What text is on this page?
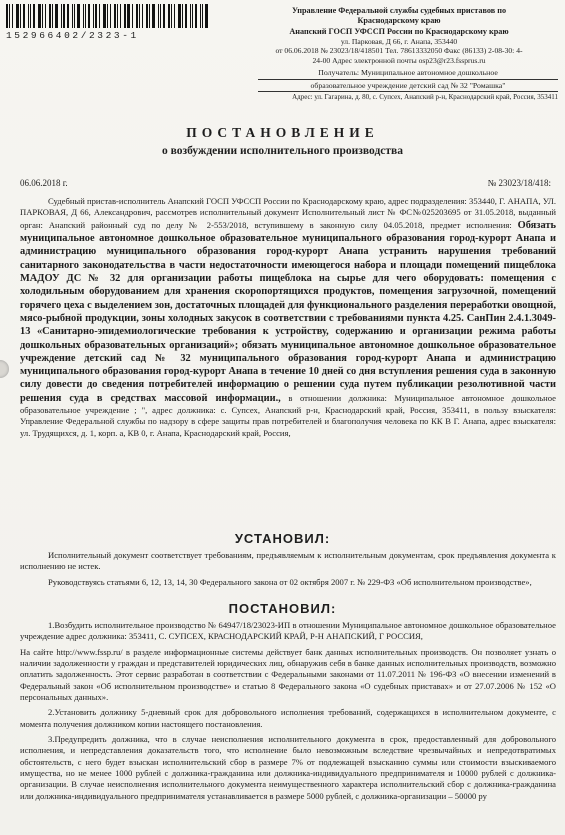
152966402/2323-1
Управление Федеральной службы судебных приставов по
Краснодарскому краю
Анапский ГОСП УФССП России по Краснодарскому краю
ул. Парковая, Д 66, г. Анапа, 353440
от 06.06.2018 № 23023/18/418501 Тел. 78613332050 Факс (86133) 2-08-30: 4-
24-00 Адрес электронной почты osp23@r23.fssprus.ru
Получатель: Муниципальное автономное дошкольное
образовательное учреждение детский сад № 32 "Ромашка"
Адрес: ул. Гагарина, д. 80, с. Супсех, Анапский р-н, Краснодарский край, Россия, 353411
ПОСТАНОВЛЕНИЕ
о возбуждении исполнительного производства
06.06.2018 г.	№ 23023/18/418:

Судебный пристав-исполнитель Анапский ГОСП УФССП России по Краснодарскому краю, адрес подразделения: 353440, Г. АНАПА, УЛ. ПАРКОВАЯ, Д 66, Александрович, рассмотрев исполнительный документ Исполнительный лист № ФС№025203695 от 31.05.2018, выданный орган: Анапский районный суд по делу № 2-553/2018, вступившему в законную силу 04.05.2018, предмет исполнения: Обязать муниципальное автономное дошкольное образовательное муниципального образования город-курорт Анапа и администрацию муниципального образования город-курорт Анапа устранить нарушения требований санитарного законодательства в части недостаточности имеющегося набора и площади помещений пищеблока МАДОУ ДС № 32 для организации работы пищеблока на сырье для чего оборудовать: помещения с холодильным оборудованием для хранения скоропортящихся продуктов, помещения загрузочной, помещений горячего цеха с выделением зон, достаточных площадей для функционального разделения переработки овощной, мясо-рыбной продукции, зоны холодных закусок в соответствии с требованиями пункта 4.25. СанПин 2.4.1.3049-13 «Санитарно-эпидемиологические требования к устройству, содержанию и организации режима работы дошкольных образовательных организаций»; обязать муниципальное автономное дошкольное образовательное учреждение детский сад № 32 муниципального образования город-курорт Анапа и администрацию муниципального образования город-курорт Анапа в течение 10 дней со дня вступления решения суда в законную силу довести до сведения потребителей информацию о решении суда путем публикации резолютивной части решения суда в средствах массовой информации., в отношении должника: Муниципальное автономное дошкольное образовательное учреждение ; ", адрес должника: с. Супсех, Анапский р-н, Краснодарский край, Россия, 353411, в пользу взыскателя: Управление Федеральной службы по надзору в сфере защиты прав потребителей и благополучия человека по КК В Г. Анапа, адрес взыскателя: ул. Трудящихся, д. 1, корп. а, КВ 0, г. Анапа, Краснодарский край, Россия,

УСТАНОВИЛ:

Исполнительный документ соответствует требованиям, предъявляемым к исполнительным документам, срок предъявления документа к исполнению не истек.

Руководствуясь статьями 6, 12, 13, 14, 30 Федерального закона от 02 октября 2007 г. № 229-ФЗ «Об исполнительном производстве»,

ПОСТАНОВИЛ:

1.Возбудить исполнительное производство № 64947/18/23023-ИП в отношении Муниципальное автономное дошкольное образовательное учреждение адрес должника: 353411, С. СУПСЕХ, КРАСНОДАРСКИЙ КРАЙ, Р-Н АНАПСКИЙ, Г РОССИЯ,

На сайте http://www.fssp.ru/ в разделе информационные системы действует банк данных исполнительных производств. Он позволяет узнать о наличии задолженности у граждан и представителей юридических лиц, обнаружив себя в банке данных исполнительных производств, возможно оплатить задолженность. Этот сервис разработан в соответствии с Федеральными законами от 11.07.2011 № 196-ФЗ «О внесении изменений в Федеральный закон «Об исполнительном производстве» и статью 8 Федерального закона «О судебных приставах» и от 27.07.2006 № 152 «О персональных данных».

2.Установить должнику 5-дневный срок для добровольного исполнения требований, содержащихся в исполнительном документе, с момента получения должником копии настоящего постановления.

3.Предупредить должника, что в случае неисполнения исполнительного документа в срок, предоставленный для добровольного исполнения, и непредставления доказательств того, что исполнение было невозможным вследствие чрезвычайных и непредотвратимых обстоятельств, с него будет взыскан исполнительский сбор в размере 7% от подлежащей взысканию суммы или стоимости взыскиваемого имущества, но не менее 1000 рублей с должника-гражданина или должника-индивидуального предпринимателя и 10000 рублей с должника-организации. В случае неисполнения исполнительного документа неимущественного характера исполнительский сбор с должника-гражданина или должника-индивидуального предпринимателя устанавливается в размере 5000 рублей, с должника-организации – 50000 ру
